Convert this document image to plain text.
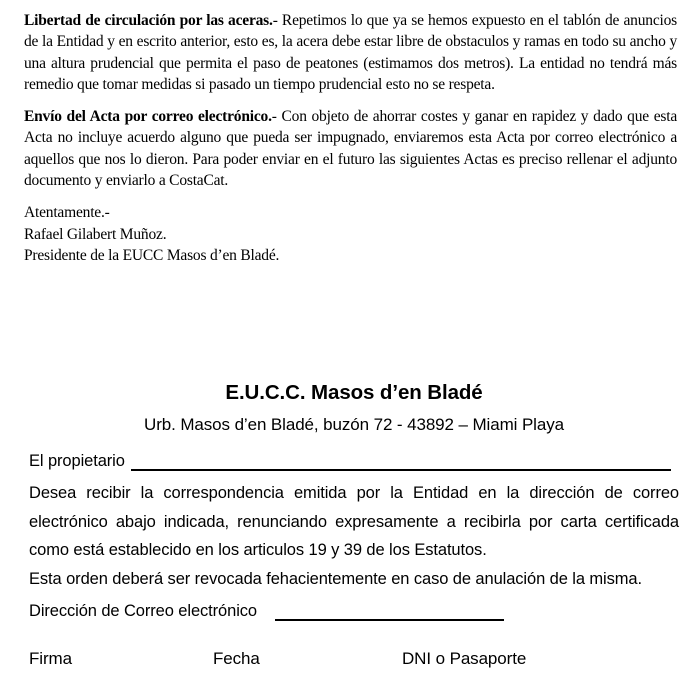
Libertad de circulación por las aceras.- Repetimos lo que ya se hemos expuesto en el tablón de anuncios de la Entidad y en escrito anterior, esto es, la acera debe estar libre de obstaculos y ramas en todo su ancho y una altura prudencial que permita el paso de peatones (estimamos dos metros). La entidad no tendrá más remedio que tomar medidas si pasado un tiempo prudencial esto no se respeta.

Envío del Acta por correo electrónico.- Con objeto de ahorrar costes y ganar en rapidez y dado que esta Acta no incluye acuerdo alguno que pueda ser impugnado, enviaremos esta Acta por correo electrónico a aquellos que nos lo dieron. Para poder enviar en el futuro las siguientes Actas es preciso rellenar el adjunto documento y enviarlo a CostaCat.

Atentamente.-
Rafael Gilabert Muñoz.
Presidente de la EUCC Masos d’en Bladé.

E.U.C.C. Masos d’en Bladé
Urb. Masos d’en Bladé, buzón 72 - 43892 – Miami Playa
El propietario

Desea recibir la correspondencia emitida por la Entidad en la dirección de correo electrónico abajo indicada, renunciando expresamente a recibirla por carta certificada como está establecido en los articulos 19 y 39 de los Estatutos.

Esta orden deberá ser revocada fehacientemente en caso de anulación de la misma.

Dirección de Correo electrónico
Firma	Fecha	DNI o Pasaporte
